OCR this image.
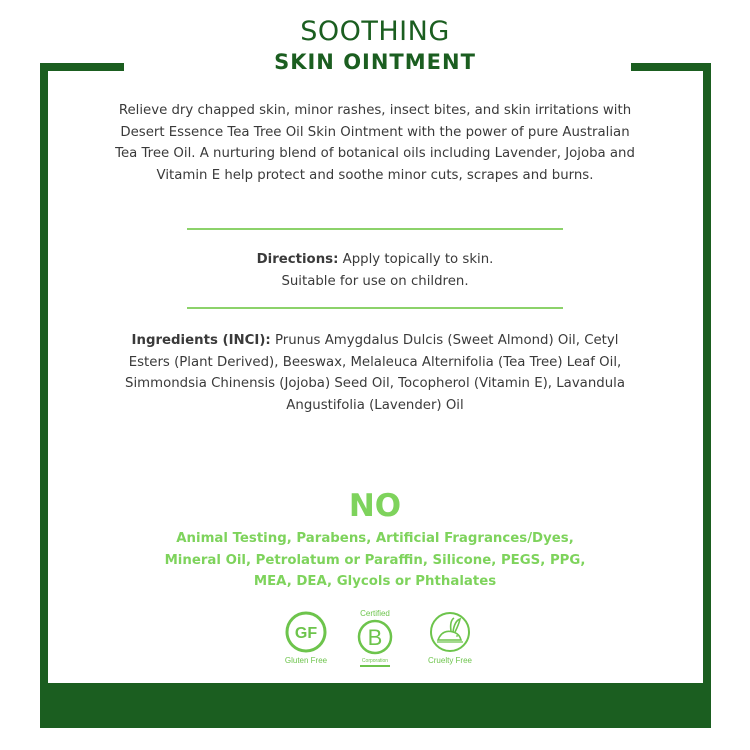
SOOTHING
SKIN OINTMENT
Relieve dry chapped skin, minor rashes, insect bites, and skin irritations with Desert Essence Tea Tree Oil Skin Ointment with the power of pure Australian Tea Tree Oil. A nurturing blend of botanical oils including Lavender, Jojoba and Vitamin E help protect and soothe minor cuts, scrapes and burns.
Directions: Apply topically to skin.
Suitable for use on children.
Ingredients (INCI): Prunus Amygdalus Dulcis (Sweet Almond) Oil, Cetyl Esters (Plant Derived), Beeswax, Melaleuca Alternifolia (Tea Tree) Leaf Oil, Simmondsia Chinensis (Jojoba) Seed Oil, Tocopherol (Vitamin E), Lavandula Angustifolia (Lavender) Oil
NO
Animal Testing, Parabens, Artificial Fragrances/Dyes,
Mineral Oil, Petrolatum or Paraffin, Silicone, PEGS, PPG,
MEA, DEA, Glycols or Phthalates
GF
Gluten Free
Certified
B
Corporation	Cruelty Free
